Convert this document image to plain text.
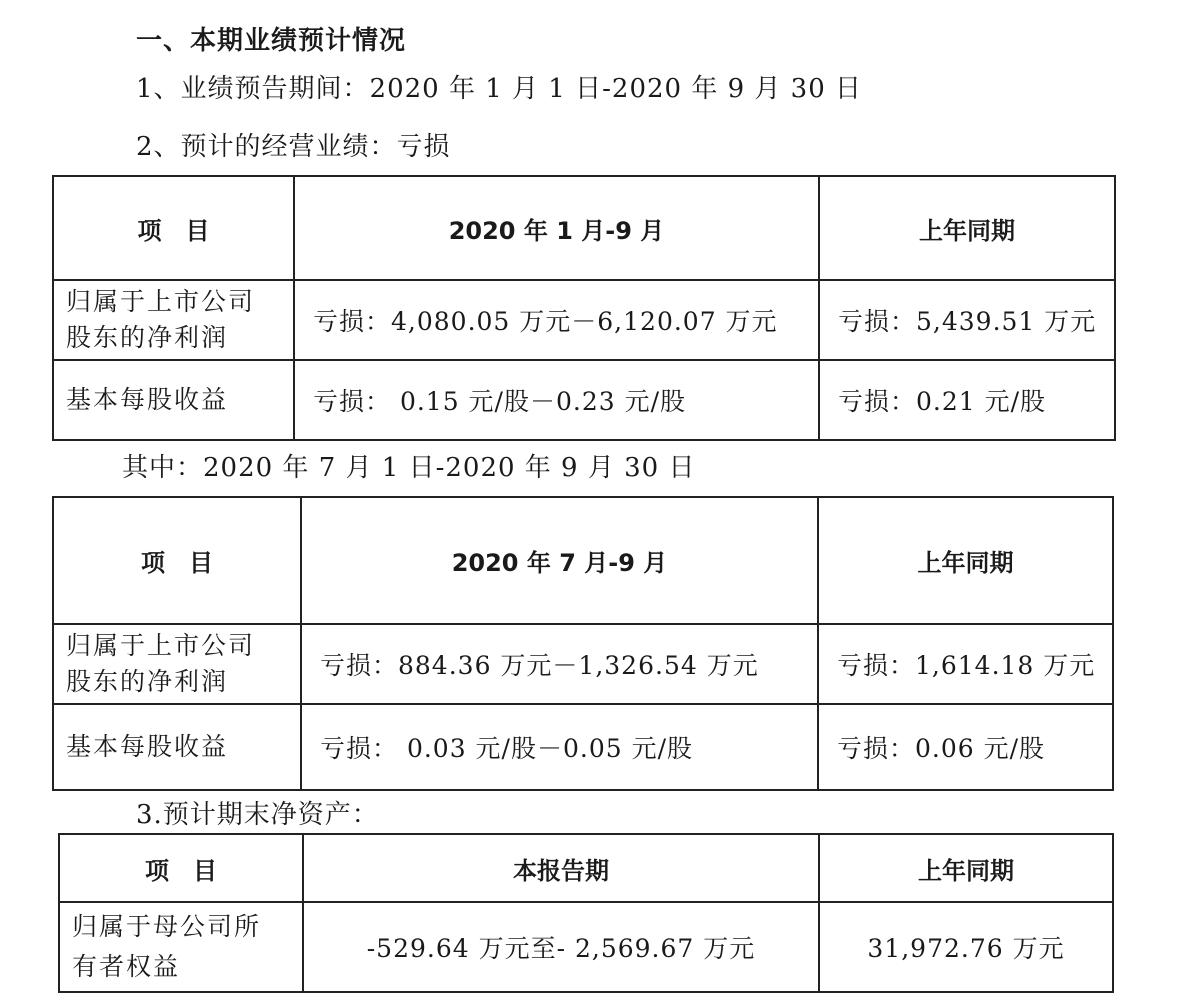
一、本期业绩预计情况
1、业绩预告期间：2020 年 1 月 1 日-2020 年 9 月 30 日
2、预计的经营业绩：亏损
项　目	2020 年 1 月-9 月	上年同期

归属于上市公司
股东的净利润	亏损：4,080.05 万元－6,120.07 万元	亏损：5,439.51 万元
基本每股收益	亏损： 0.15 元/股－0.23 元/股	亏损：0.21 元/股
其中：2020 年 7 月 1 日-2020 年 9 月 30 日
项　目	2020 年 7 月-9 月	上年同期

归属于上市公司
股东的净利润	亏损：884.36 万元－1,326.54 万元	亏损：1,614.18 万元
基本每股收益	亏损： 0.03 元/股－0.05 元/股	亏损：0.06 元/股
3.预计期末净资产：
项　目	本报告期	上年同期

归属于母公司所
有者权益	-529.64 万元至- 2,569.67 万元	31,972.76 万元
